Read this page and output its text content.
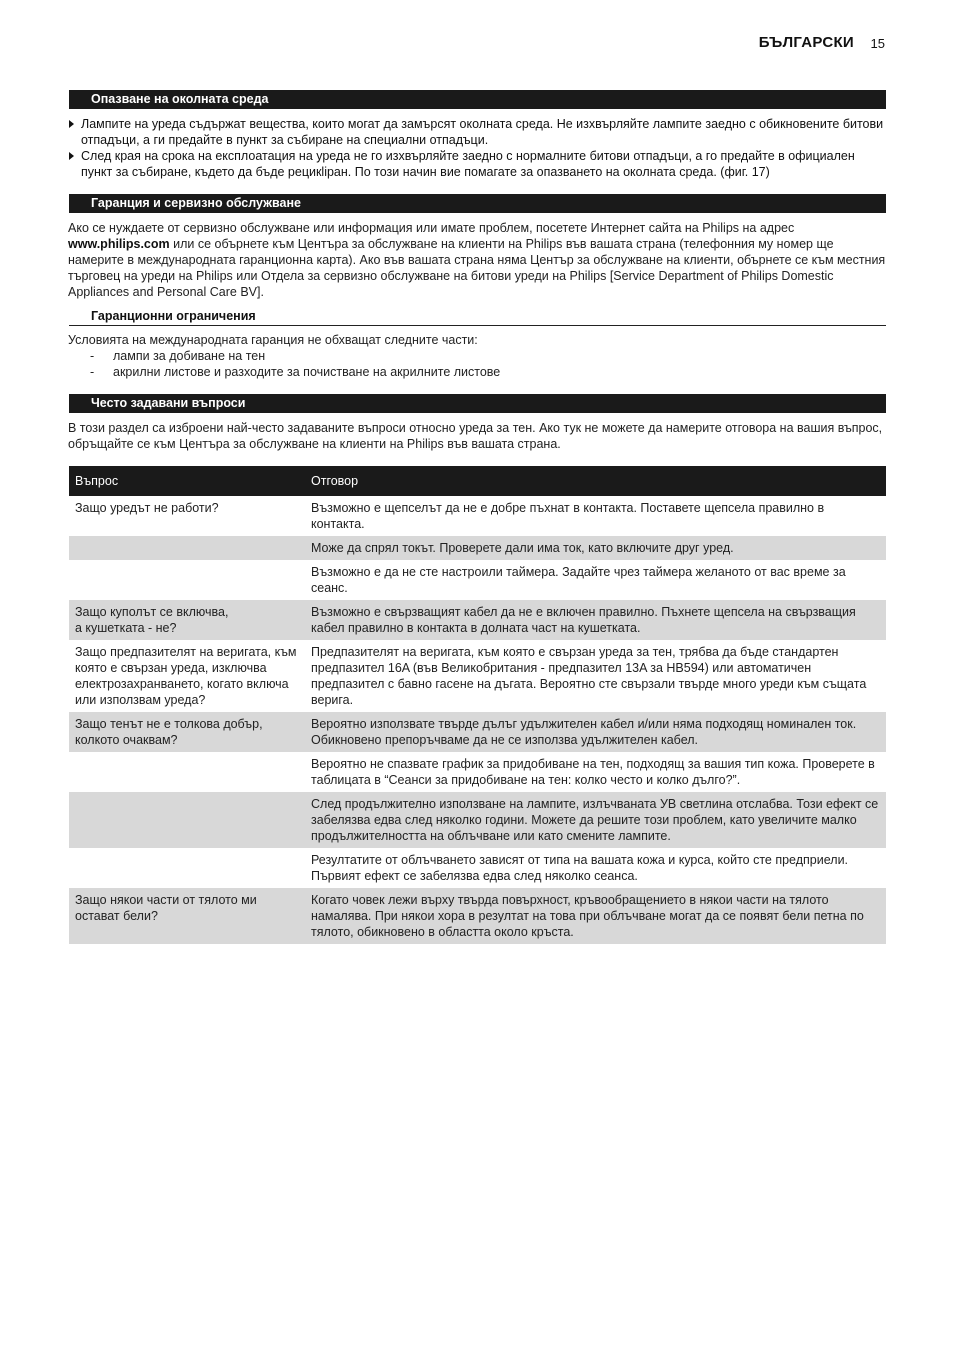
БЪЛГАРСКИ 15
Опазване на околната среда
Лампите на уреда съдържат вещества, които могат да замърсят околната среда. Не изхвърляйте лампите заедно с обикновените битови отпадъци, а ги предайте в пункт за събиране на специални отпадъци.
След края на срока на експлоатация на уреда не го изхвърляйте заедно с нормалните битови отпадъци, а го предайте в официален пункт за събиране, където да бъде рецикliран. По този начин вие помагате за опазването на околната среда. (фиг. 17)
Гаранция и сервизно обслужване

Ако се нуждаете от сервизно обслужване или информация или имате проблем, посетете Интернет сайта на Philips на адрес www.philips.com или се обърнете към Центъра за обслужване на клиенти на Philips във вашата страна (телефонния му номер ще намерите в международната гаранционна карта). Ако във вашата страна няма Център за обслужване на клиенти, обърнете се към местния търговец на уреди на Philips или Отдела за сервизно обслужване на битови уреди на Philips [Service Department of Philips Domestic Appliances and Personal Care BV].

Гаранционни ограничения

Условията на международната гаранция не обхващат следните части:

- лампи за добиване на тен
- акрилни листове и разходите за почистване на акрилните листове
Често задавани въпроси

В този раздел са изброени най-често задаваните въпроси относно уреда за тен. Ако тук не можете да намерите отговора на вашия въпрос, обръщайте се към Центъра за обслужване на клиенти на Philips във вашата страна.

Въпрос	Отговор
Защо уредът не работи?	Възможно е щепселът да не е добре пъхнат в контакта. Поставете щепсела правилно в контакта.
	Може да спрял токът. Проверете дали има ток, като включите друг уред.
	Възможно е да не сте настроили таймера. Задайте чрез таймера желаното от вас време за сеанс.
Защо куполът се включва,
а кушетката - не?	Възможно е свързващият кабел да не е включен правилно. Пъхнете щепсела на свързващия кабел правилно в контакта в долната част на кушетката.
Защо предпазителят на веригата, към която е свързан уреда, изключва електрозахранването, когато включа или използвам уреда?	Предпазителят на веригата, към която е свързан уреда за тен, трябва да бъде стандартен предпазител 16A (във Великобритания - предпазител 13A за HB594) или автоматичен предпазител с бавно гасене на дъгата. Вероятно сте свързали твърде много уреди към същата верига.
Защо тенът не е толкова добър, колкото очаквам?	Вероятно използвате твърде дълъг удължителен кабел и/или няма подходящ номинален ток. Обикновено препоръчваме да не се използва удължителен кабел.
	Вероятно не спазвате график за придобиване на тен, подходящ за вашия тип кожа. Проверете в таблицата в “Сеанси за придобиване на тен: колко често и колко дълго?”.
	След продължително използване на лампите, излъчваната УВ светлина отслабва. Този ефект се забелязва едва след няколко години. Можете да решите този проблем, като увеличите малко продължителността на облъчване или като смените лампите.
	Резултатите от облъчването зависят от типа на вашата кожа и курса, който сте предприели. Първият ефект се забелязва едва след няколко сеанса.
Защо някои части от тялото ми остават бели?	Когато човек лежи върху твърда повърхност, кръвообращението в някои части на тялото намалява. При някои хора в резултат на това при облъчване могат да се появят бели петна по тялото, обикновено в областта около кръста.
